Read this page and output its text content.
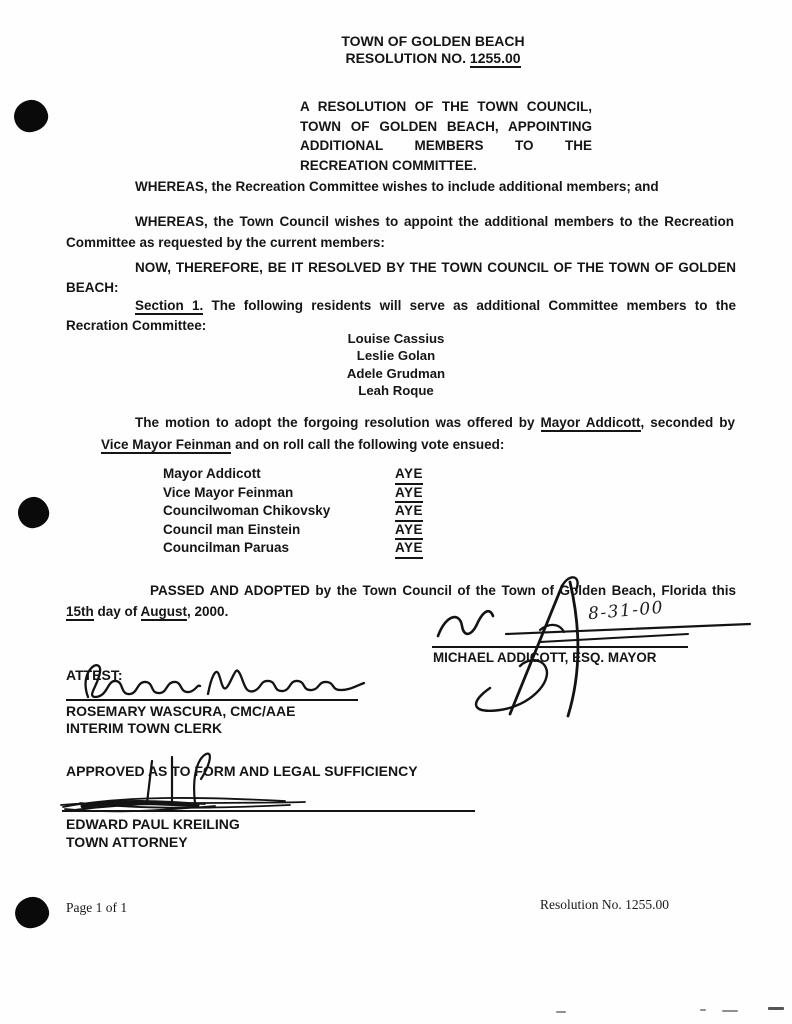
TOWN OF GOLDEN BEACH
RESOLUTION NO. 1255.00
A RESOLUTION OF THE TOWN COUNCIL, TOWN OF GOLDEN BEACH, APPOINTING ADDITIONAL MEMBERS TO THE RECREATION COMMITTEE.
WHEREAS, the Recreation Committee wishes to include additional members; and
WHEREAS, the Town Council wishes to appoint the additional members to the Recreation Committee as requested by the current members:
NOW, THEREFORE, BE IT RESOLVED BY THE TOWN COUNCIL OF THE TOWN OF GOLDEN BEACH:
Section 1. The following residents will serve as additional Committee members to the Recration Committee:
Louise Cassius
Leslie Golan
Adele Grudman
Leah Roque
The motion to adopt the forgoing resolution was offered by Mayor Addicott, seconded by Vice Mayor Feinman and on roll call the following vote ensued:
Mayor Addicott	AYE
Vice Mayor Feinman	AYE
Councilwoman Chikovsky	AYE
Council man Einstein	AYE
Councilman Paruas	AYE
PASSED AND ADOPTED by the Town Council of the Town of Golden Beach, Florida this 15th day of August, 2000.	8-31-00
MICHAEL ADDICOTT, ESQ. MAYOR
ATTEST:
ROSEMARY WASCURA, CMC/AAE
INTERIM TOWN CLERK
APPROVED AS TO FORM AND LEGAL SUFFICIENCY
EDWARD PAUL KREILING
TOWN ATTORNEY
Page 1 of 1	Resolution No. 1255.00
